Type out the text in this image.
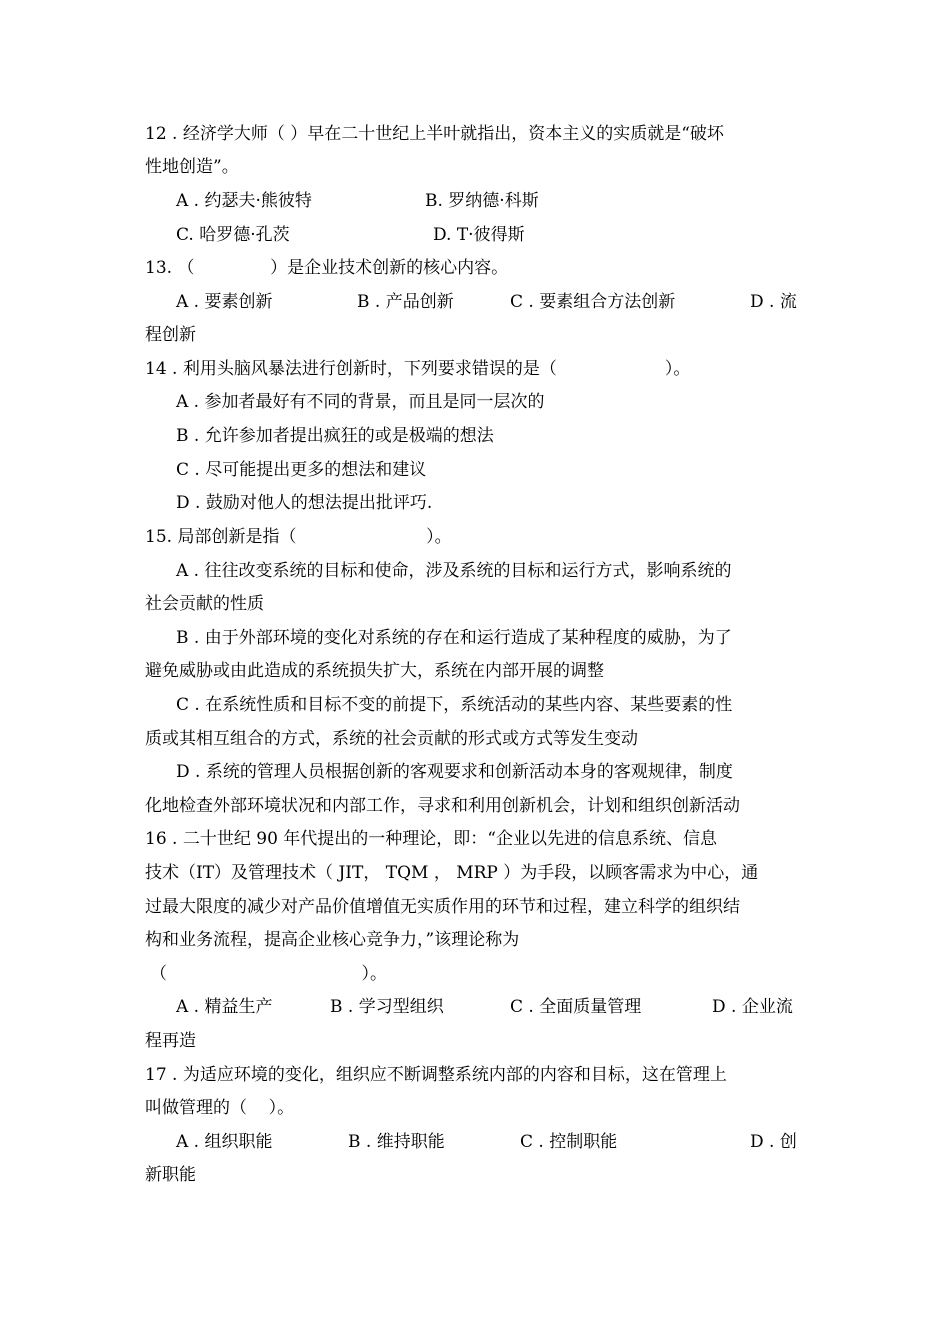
12 . 经济学大师（ ）早在二十世纪上半叶就指出，资本主义的实质就是“破坏
性地创造”。
A . 约瑟夫·熊彼特	B. 罗纳德·科斯
C. 哈罗德·孔茨	D. T·彼得斯
13. （              ）是企业技术创新的核心内容。
A . 要素创新	B . 产品创新	C . 要素组合方法创新	D . 流
程创新
14 . 利用头脑风暴法进行创新时，下列要求错误的是（                    ）。
A . 参加者最好有不同的背景，而且是同一层次的
B . 允许参加者提出疯狂的或是极端的想法
C . 尽可能提出更多的想法和建议
D . 鼓励对他人的想法提出批评巧.
15. 局部创新是指（                        ）。
A . 往往改变系统的目标和使命，涉及系统的目标和运行方式，影响系统的
社会贡献的性质
B . 由于外部环境的变化对系统的存在和运行造成了某种程度的威胁，为了
避免威胁或由此造成的系统损失扩大，系统在内部开展的调整
C . 在系统性质和目标不变的前提下，系统活动的某些内容、某些要素的性
质或其相互组合的方式，系统的社会贡献的形式或方式等发生变动
D . 系统的管理人员根据创新的客观要求和创新活动本身的客观规律，制度
化地检查外部环境状况和内部工作，寻求和利用创新机会，计划和组织创新活动
16 . 二十世纪 90 年代提出的一种理论，即：“企业以先进的信息系统、信息
技术（IT）及管理技术（ JIT， TQM ， MRP ）为手段，以顾客需求为中心，通
过最大限度的减少对产品价值增值无实质作用的环节和过程，建立科学的组织结
构和业务流程，提高企业核心竞争力，”该理论称为
（                                    ）。
A . 精益生产	B . 学习型组织	C . 全面质量管理	D . 企业流
程再造
17 . 为适应环境的变化，组织应不断调整系统内部的内容和目标，这在管理上
叫做管理的（    ）。
A . 组织职能	B . 维持职能	C . 控制职能	D . 创
新职能
